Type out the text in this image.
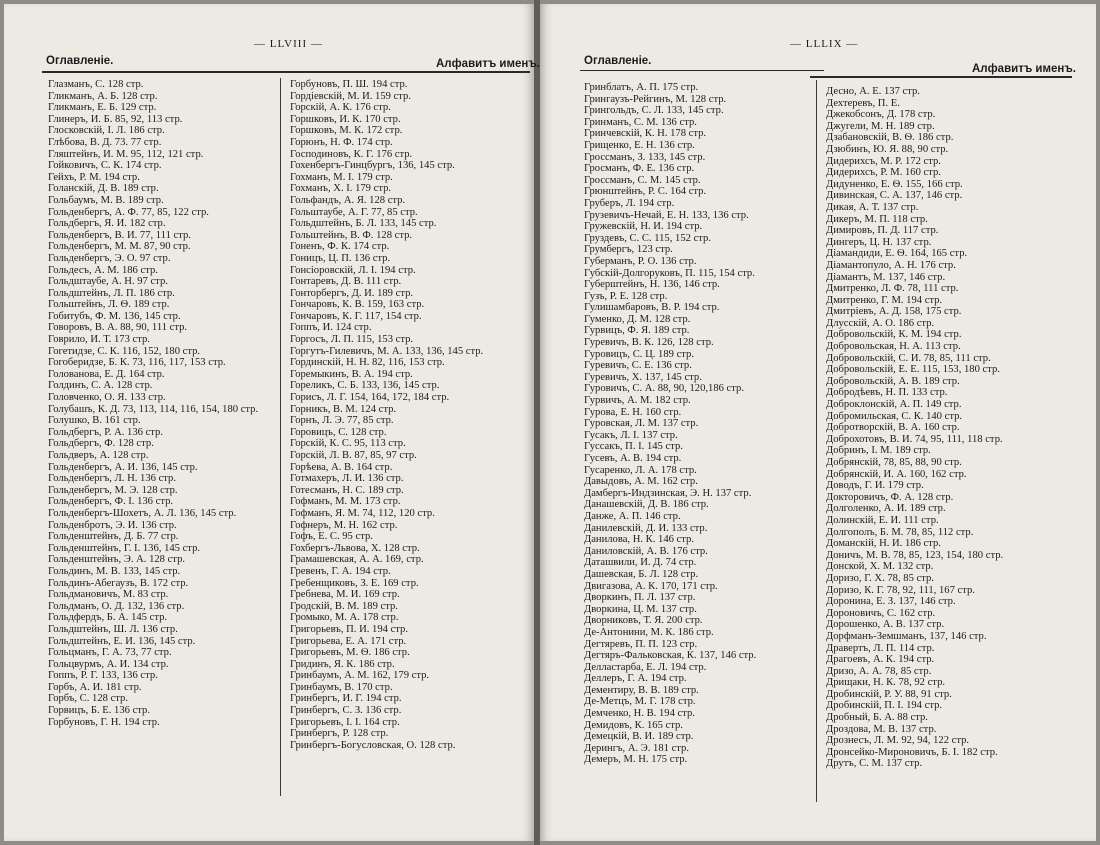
— LLVIII —
Оглавленіе.	Алфавитъ именъ.
Глазманъ, С. 128 стр.
Гликманъ, А. Б. 128 стр.
Гликманъ, Е. Б. 129 стр.
Глинеръ, И. Б. 85, 92, 113 стр.
Глосковскій, І. Л. 186 стр.
Глѣбова, В. Д. 73. 77 стр.
Гляштейнъ, И. М. 95, 112, 121 стр.
Гойковичъ, С. К. 174 стр.
Гейхъ, Р. М. 194 стр.
Голанскій, Д. В. 189 стр.
Гольбаумъ, М. В. 189 стр.
Гольденбергъ, А. Ф. 77, 85, 122 стр.
Гольдбергъ, Я. И. 182 стр.
Гольденбергъ, В. И. 77, 111 стр.
Гольденбергъ, М. М. 87, 90 стр.
Гольденбергъ, Э. О. 97 стр.
Гольдесъ, А. М. 186 стр.
Гольдштаубе, А. Н. 97 стр.
Гольдштейнъ, Л. П. 186 стр.
Гольштейнъ, Л. Ѳ. 189 стр.
Гобитубъ, Ф. М. 136, 145 стр.
Говоровъ, В. А. 88, 90, 111 стр.
Говрило, И. Т. 173 стр.
Гогетидзе, С. К. 116, 152, 180 стр.
Гогоберидзе, Б. К. 73, 116, 117, 153 стр.
Голованова, Е. Д. 164 стр.
Голдинъ, С. А. 128 стр.
Головченко, О. Я. 133 стр.
Голубашъ, К. Д. 73, 113, 114, 116, 154, 180 стр.
Голушко, В. 161 стр.
Гольдбергъ, Р. А. 136 стр.
Гольдбергъ, Ф. 128 стр.
Гольдверъ, А. 128 стр.
Гольденбергъ, А. И. 136, 145 стр.
Гольденбергъ, Л. Н. 136 стр.
Гольденбергъ, М. Э. 128 стр.
Гольденбергъ, Ф. І. 136 стр.
Гольденбергъ-Шохетъ, А. Л. 136, 145 стр.
Гольденбротъ, Э. И. 136 стр.
Гольденштейнъ, Д. Б. 77 стр.
Гольденштейнъ, Г. І. 136, 145 стр.
Гольденштейнъ, Э. А. 128 стр.
Гольдинъ, М. В. 133, 145 стр.
Гольдинъ-Абегаузъ, В. 172 стр.
Гольдмановичъ, М. 83 стр.
Гольдманъ, О. Д. 132, 136 стр.
Гольдфердъ, Б. А. 145 стр.
Гольдштейнъ, Ш. Л. 136 стр.
Гольдштейнъ, Е. И. 136, 145 стр.
Гольцманъ, Г. А. 73, 77 стр.
Гольцвурмъ, А. И. 134 стр.
Гоппъ, Р. Г. 133, 136 стр.
Горбъ, А. И. 181 стр.
Горбъ, С. 128 стр.
Горвицъ, Б. Е. 136 стр.
Горбуновъ, Г. Н. 194 стр.
Горбуновъ, П. Ш. 194 стр.
Гордіевскій, М. И. 159 стр.
Горскій, А. К. 176 стр.
Горшковъ, И. К. 170 стр.
Горшковъ, М. К. 172 стр.
Горюнъ, Н. Ф. 174 стр.
Господиновъ, К. Г. 176 стр.
Гохенбергъ-Гинцбургъ, 136, 145 стр.
Гохманъ, М. І. 179 стр.
Гохманъ, Х. І. 179 стр.
Гольфандъ, А. Я. 128 стр.
Гольштаубе, А. Г. 77, 85 стр.
Гольдштейнъ, Б. Л. 133, 145 стр.
Гольштейнъ, В. Ф. 128 стр.
Гоненъ, Ф. К. 174 стр.
Гоницъ, Ц. П. 136 стр.
Гонсіоровскій, Л. І. 194 стр.
Гонтаревъ, Д. В. 111 стр.
Гонторбергъ, Д. И. 189 стр.
Гончаровъ, К. В. 159, 163 стр.
Гончаровъ, К. Г. 117, 154 стр.
Гоппъ, И. 124 стр.
Горгосъ, Л. П. 115, 153 стр.
Горгутъ-Гилевичъ, М. А. 133, 136, 145 стр.
Гординскій, Н. Н. 82, 116, 153 стр.
Горемыкинъ, В. А. 194 стр.
Гореликъ, С. Б. 133, 136, 145 стр.
Горисъ, Л. Г. 154, 164, 172, 184 стр.
Горникъ, В. М. 124 стр.
Горнъ, Л. Э. 77, 85 стр.
Горовицъ, С. 128 стр.
Горскій, К. С. 95, 113 стр.
Горскій, Л. В. 87, 85, 97 стр.
Горѣева, А. В. 164 стр.
Готмахеръ, Л. И. 136 стр.
Готесманъ, Н. С. 189 стр.
Гофманъ, М. М. 173 стр.
Гофманъ, Я. М. 74, 112, 120 стр.
Гофнеръ, М. Н. 162 стр.
Гофъ, Е. С. 95 стр.
Гохбергъ-Львова, Х. 128 стр.
Грамашевская, А. А. 169, стр.
Гревенъ, Г. А. 194 стр.
Гребенщиковъ, З. Е. 169 стр.
Гребнева, М. И. 169 стр.
Гродскій, В. М. 189 стр.
Громыко, М. А. 178 стр.
Григорьевъ, П. И. 194 стр.
Григорьева, Е. А. 171 стр.
Григорьевъ, М. Ѳ. 186 стр.
Гридинъ, Я. К. 186 стр.
Гринбаумъ, А. М. 162, 179 стр.
Гринбаумъ, В. 170 стр.
Гринбергъ, И. Г. 194 стр.
Гринбергъ, С. З. 136 стр.
Григорьевъ, І. І. 164 стр.
Гринбергъ, Р. 128 стр.
Гринбергъ-Богусловская, О. 128 стр.
— LLLIX —
Оглавленіе.
Алфавитъ именъ.
Гринблатъ, А. П. 175 стр.
Грингаузъ-Рейгинъ, М. 128 стр.
Грингольдъ, С. Л. 133, 145 стр.
Гринманъ, С. М. 136 стр.
Гринчевскій, К. Н. 178 стр.
Грищенко, Е. Н. 136 стр.
Гроссманъ, З. 133, 145 стр.
Гросманъ, Ф. Е. 136 стр.
Гроссманъ, С. М. 145 стр.
Грюнштейнъ, Р. С. 164 стр.
Груберъ, Л. 194 стр.
Грузевичъ-Нечай, Е. Н. 133, 136 стр.
Гружевскій, Н. И. 194 стр.
Груздевъ, С. С. 115, 152 стр.
Грумбергъ, 123 стр.
Губерманъ, Р. О. 136 стр.
Губскій-Долгоруковъ, П. 115, 154 стр.
Губерштейнъ, Н. 136, 146 стр.
Гузъ, Р. Е. 128 стр.
Гулишамбаровъ, В. Р. 194 стр.
Гуменко, Д. М. 128 стр.
Гурвицъ, Ф. Я. 189 стр.
Гуревичъ, В. К. 126, 128 стр.
Гуровицъ, С. Ц. 189 стр.
Гуревичъ, С. Е. 136 стр.
Гуревичъ, Х. 137, 145 стр.
Гуровичъ, С. А. 88, 90, 120,186 стр.
Гурвичъ, А. М. 182 стр.
Гурова, Е. Н. 160 стр.
Гуровская, Л. М. 137 стр.
Гусакъ, Л. І. 137 стр.
Гуссакъ, П. І. 145 стр.
Гусевъ, А. В. 194 стр.
Гусаренко, Л. А. 178 стр.
Давыдовъ, А. М. 162 стр.
Дамбергъ-Индзинская, Э. Н. 137 стр.
Данашевскій, Д. В. 186 стр.
Данже, А. П. 146 стр.
Данилевскій, Д. И. 133 стр.
Данилова, Н. К. 146 стр.
Даниловскій, А. В. 176 стр.
Даташвили, И. Д. 74 стр.
Дашевская, Б. Л. 128 стр.
Двигазова, А. К. 170, 171 стр.
Дворкинъ, П. Л. 137 стр.
Дворкина, Ц. М. 137 стр.
Дворниковъ, Т. Я. 200 стр.
Де-Антонини, М. К. 186 стр.
Дегтяревъ, П. П. 123 стр.
Дегтяръ-Фальковская, К. 137, 146 стр.
Делластарба, Е. Л. 194 стр.
Деллеръ, Г. А. 194 стр.
Дементиру, В. В. 189 стр.
Де-Метцъ, М. Г. 178 стр.
Демченко, Н. В. 194 стр.
Демидовъ, К. 165 стр.
Демецкій, В. И. 189 стр.
Дерингъ, А. Э. 181 стр.
Демеръ, М. Н. 175 стр.
Десно, А. Е. 137 стр.
Дехтеревъ, П. Е.
Джекобсонъ, Д. 178 стр.
Джугели, М. Н. 189 стр.
Дзабановскій, В. Ѳ. 186 стр.
Дзюбинъ, Ю. Я. 88, 90 стр.
Дидерихсъ, М. Р. 172 стр.
Дидерихсъ, Р. М. 160 стр.
Дидуненко, Е. Ѳ. 155, 166 стр.
Дивинская, С. А. 137, 146 стр.
Дикая, А. Т. 137 стр.
Дикеръ, М. П. 118 стр.
Димировъ, П. Д. 117 стр.
Дингеръ, Ц. Н. 137 стр.
Діамандиди, Е. Ѳ. 164, 165 стр.
Діамантопуло, А. Н. 176 стр.
Діамантъ, М. 137, 146 стр.
Дмитренко, Л. Ф. 78, 111 стр.
Дмитренко, Г. М. 194 стр.
Дмитріевъ, А. Д. 158, 175 стр.
Длусскій, А. О. 186 стр.
Добровольскій, К. М. 194 стр.
Добровольская, Н. А. 113 стр.
Добровольскій, С. И. 78, 85, 111 стр.
Добровольскій, Е. Е. 115, 153, 180 стр.
Добровольскій, А. В. 189 стр.
Добродѣевъ, Н. П. 133 стр.
Доброклонскій, А. П. 149 стр.
Добромильская, С. К. 140 стр.
Добротворскій, В. А. 160 стр.
Доброхотовъ, В. И. 74, 95, 111, 118 стр.
Добринъ, І. М. 189 стр.
Добрянскій, 78, 85, 88, 90 стр.
Добрянскій, И. А. 160, 162 стр.
Доводъ, Г. И. 179 стр.
Докторовичъ, Ф. А. 128 стр.
Долголенко, А. И. 189 стр.
Долинскій, Е. И. 111 стр.
Долгополъ, Б. М. 78, 85, 112 стр.
Доманскій, Н. И. 186 стр.
Доничъ, М. В. 78, 85, 123, 154, 180 стр.
Донской, Х. М. 132 стр.
Доризо, Г. Х. 78, 85 стр.
Доризо, К. Г. 78, 92, 111, 167 стр.
Доронина, Е. З. 137, 146 стр.
Дороновичъ, С. 162 стр.
Дорошенко, А. В. 137 стр.
Дорфманъ-Земшманъ, 137, 146 стр.
Дравертъ, Л. П. 114 стр.
Драгоевъ, А. К. 194 стр.
Дризо, А. А. 78, 85 стр.
Дрищаки, Н. К. 78, 92 стр.
Дробинскій, Р. У. 88, 91 стр.
Дробинскій, П. І. 194 стр.
Дробный, Б. А. 88 стр.
Дроздова, М. В. 137 стр.
Дрознесъ, Л. М. 92, 94, 122 стр.
Дронсейко-Мироновичъ, Б. І. 182 стр.
Друтъ, С. М. 137 стр.
